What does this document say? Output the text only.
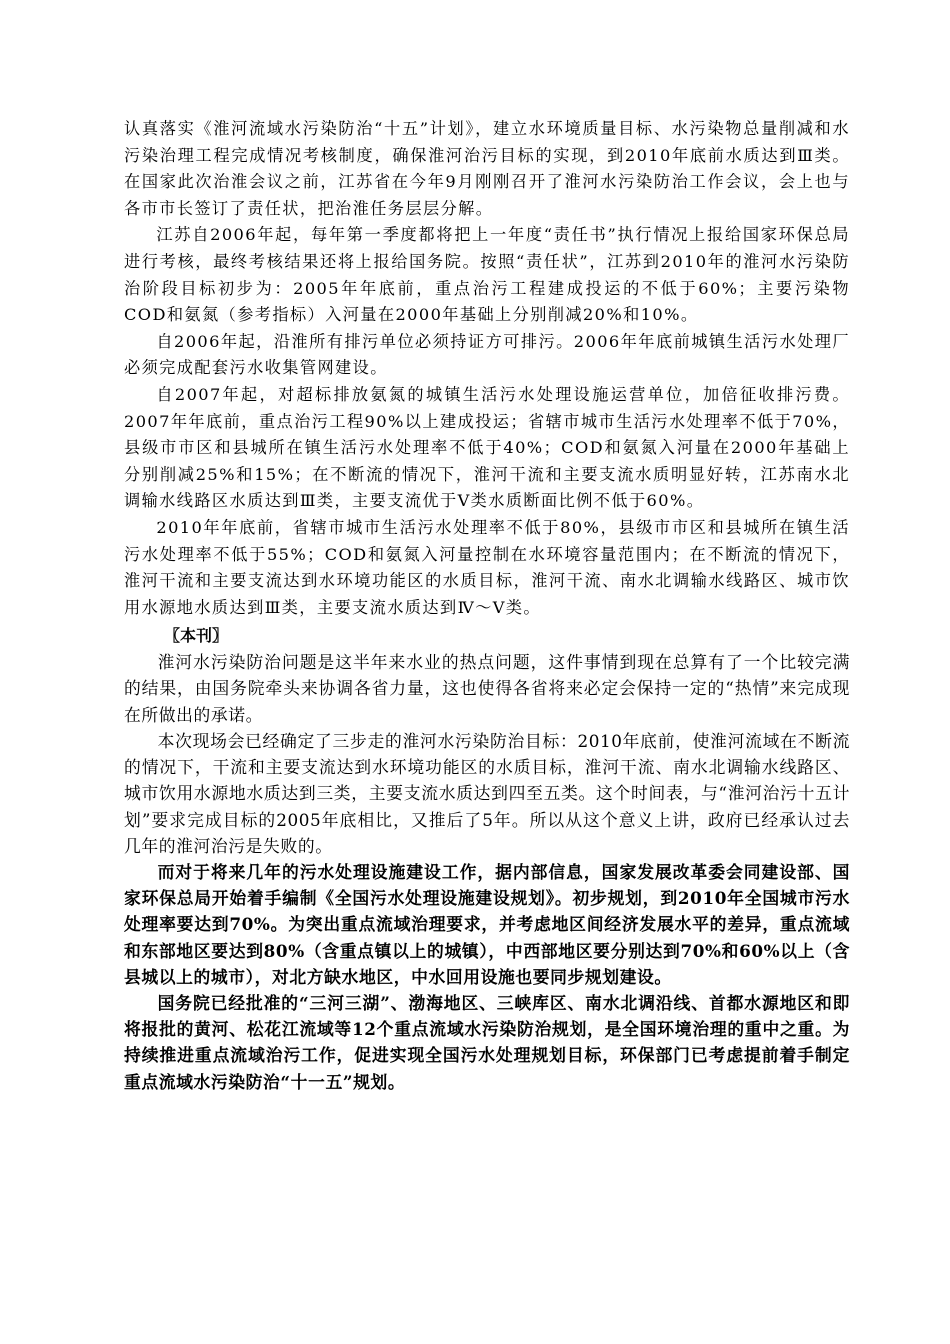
认真落实《淮河流域水污染防治“十五”计划》，建立水环境质量目标、水污染物总量削减和水污染治理工程完成情况考核制度，确保淮河治污目标的实现，到2010年底前水质达到Ⅲ类。在国家此次治淮会议之前，江苏省在今年9月刚刚召开了淮河水污染防治工作会议，会上也与各市市长签订了责任状，把治淮任务层层分解。

江苏自2006年起，每年第一季度都将把上一年度“责任书”执行情况上报给国家环保总局进行考核，最终考核结果还将上报给国务院。按照“责任状”，江苏到2010年的淮河水污染防治阶段目标初步为：2005年年底前，重点治污工程建成投运的不低于60%；主要污染物COD和氨氮（参考指标）入河量在2000年基础上分别削减20%和10%。

自2006年起，沿淮所有排污单位必须持证方可排污。2006年年底前城镇生活污水处理厂必须完成配套污水收集管网建设。

自2007年起，对超标排放氨氮的城镇生活污水处理设施运营单位，加倍征收排污费。2007年年底前，重点治污工程90%以上建成投运；省辖市城市生活污水处理率不低于70%，县级市市区和县城所在镇生活污水处理率不低于40%；COD和氨氮入河量在2000年基础上分别削减25%和15%；在不断流的情况下，淮河干流和主要支流水质明显好转，江苏南水北调输水线路区水质达到Ⅲ类，主要支流优于Ⅴ类水质断面比例不低于60%。

2010年年底前，省辖市城市生活污水处理率不低于80%，县级市市区和县城所在镇生活污水处理率不低于55%；COD和氨氮入河量控制在水环境容量范围内；在不断流的情况下，淮河干流和主要支流达到水环境功能区的水质目标，淮河干流、南水北调输水线路区、城市饮用水源地水质达到Ⅲ类，主要支流水质达到Ⅳ～Ⅴ类。

〖本刊〗

淮河水污染防治问题是这半年来水业的热点问题，这件事情到现在总算有了一个比较完满的结果，由国务院牵头来协调各省力量，这也使得各省将来必定会保持一定的“热情”来完成现在所做出的承诺。

本次现场会已经确定了三步走的淮河水污染防治目标：2010年底前，使淮河流域在不断流的情况下，干流和主要支流达到水环境功能区的水质目标，淮河干流、南水北调输水线路区、城市饮用水源地水质达到三类，主要支流水质达到四至五类。这个时间表，与“淮河治污十五计划”要求完成目标的2005年底相比，又推后了5年。所以从这个意义上讲，政府已经承认过去几年的淮河治污是失败的。

而对于将来几年的污水处理设施建设工作，据内部信息，国家发展改革委会同建设部、国家环保总局开始着手编制《全国污水处理设施建设规划》。初步规划，到2010年全国城市污水处理率要达到70%。为突出重点流域治理要求，并考虑地区间经济发展水平的差异，重点流域和东部地区要达到80%（含重点镇以上的城镇），中西部地区要分别达到70%和60%以上（含县城以上的城市），对北方缺水地区，中水回用设施也要同步规划建设。

国务院已经批准的“三河三湖”、渤海地区、三峡库区、南水北调沿线、首都水源地区和即将报批的黄河、松花江流域等12个重点流域水污染防治规划，是全国环境治理的重中之重。为持续推进重点流域治污工作，促进实现全国污水处理规划目标，环保部门已考虑提前着手制定重点流域水污染防治“十一五”规划。
